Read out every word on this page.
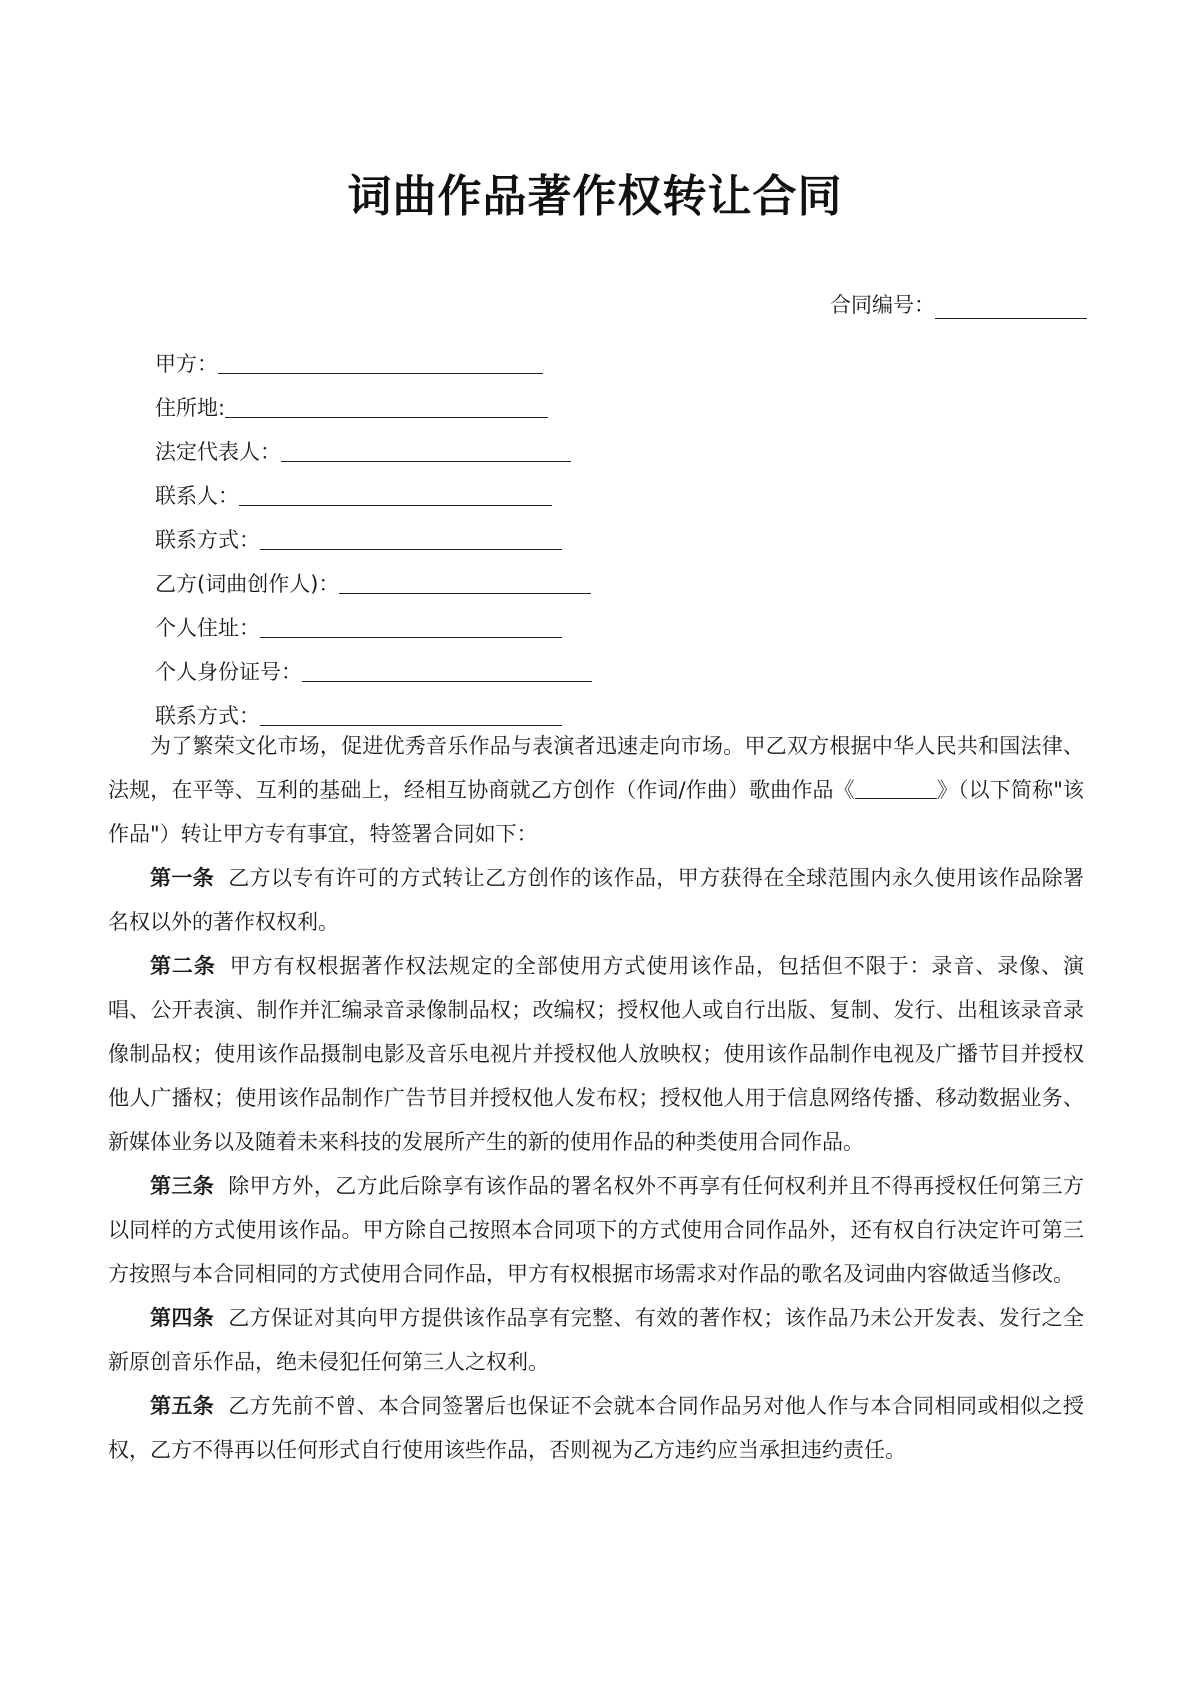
词曲作品著作权转让合同
合同编号：
甲方：
住所地:
法定代表人：
联系人：
联系方式：
乙方(词曲创作人)：
个人住址：
个人身份证号：
联系方式：

为了繁荣文化市场，促进优秀音乐作品与表演者迅速走向市场。甲乙双方根据中华人民共和国法律、法规，在平等、互利的基础上，经相互协商就乙方创作（作词/作曲）歌曲作品《	》（以下简称"该作品"）转让甲方专有事宜，特签署合同如下：

第一条 乙方以专有许可的方式转让乙方创作的该作品，甲方获得在全球范围内永久使用该作品除署名权以外的著作权权利。

第二条 甲方有权根据著作权法规定的全部使用方式使用该作品，包括但不限于：录音、录像、演唱、公开表演、制作并汇编录音录像制品权；改编权；授权他人或自行出版、复制、发行、出租该录音录像制品权；使用该作品摄制电影及音乐电视片并授权他人放映权；使用该作品制作电视及广播节目并授权他人广播权；使用该作品制作广告节目并授权他人发布权；授权他人用于信息网络传播、移动数据业务、新媒体业务以及随着未来科技的发展所产生的新的使用作品的种类使用合同作品。

第三条 除甲方外，乙方此后除享有该作品的署名权外不再享有任何权利并且不得再授权任何第三方以同样的方式使用该作品。甲方除自己按照本合同项下的方式使用合同作品外，还有权自行决定许可第三方按照与本合同相同的方式使用合同作品，甲方有权根据市场需求对作品的歌名及词曲内容做适当修改。

第四条 乙方保证对其向甲方提供该作品享有完整、有效的著作权；该作品乃未公开发表、发行之全新原创音乐作品，绝未侵犯任何第三人之权利。

第五条 乙方先前不曾、本合同签署后也保证不会就本合同作品另对他人作与本合同相同或相似之授权，乙方不得再以任何形式自行使用该些作品，否则视为乙方违约应当承担违约责任。
